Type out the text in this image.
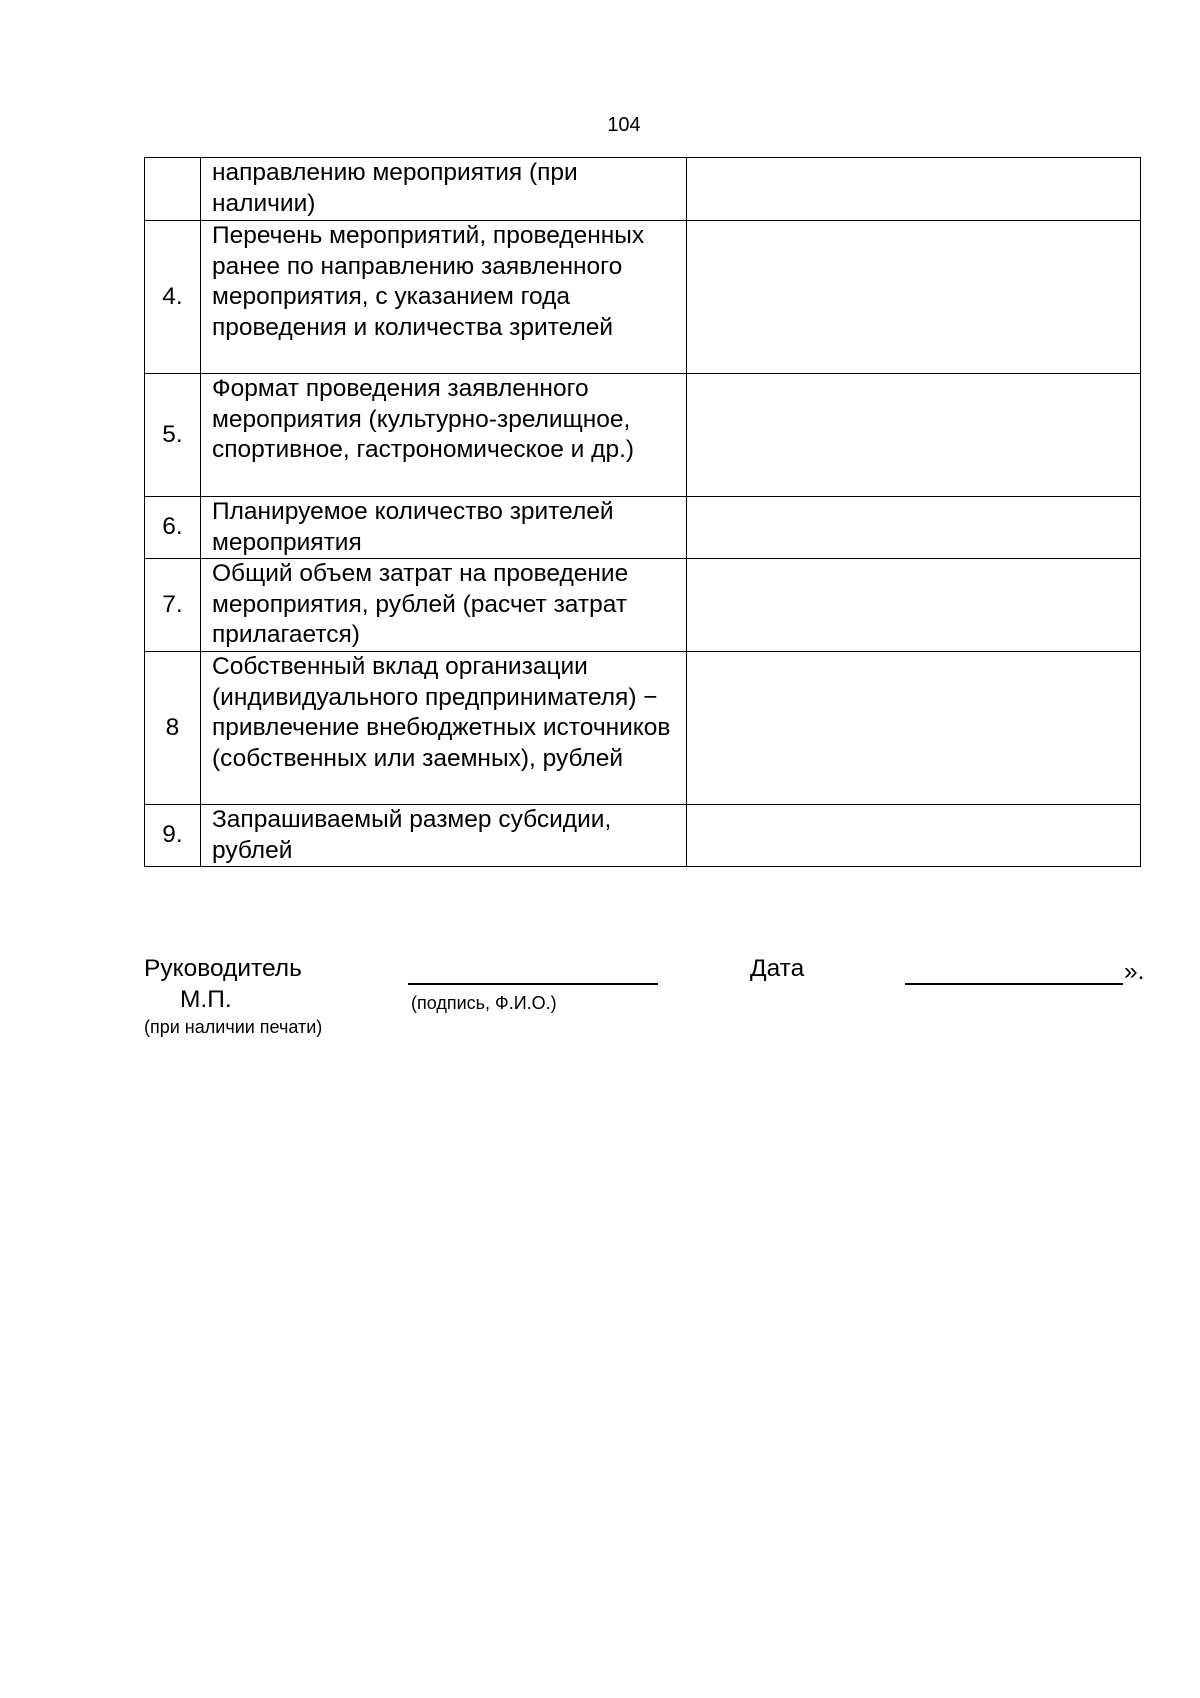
104
	направлению мероприятия (при наличии)	
4.	Перечень мероприятий, проведенных ранее по направлению заявленного мероприятия, с указанием года проведения и количества зрителей	
5.	Формат проведения заявленного мероприятия (культурно-зрелищное, спортивное, гастрономическое и др.)	
6.	Планируемое количество зрителей мероприятия	
7.	Общий объем затрат на проведение мероприятия, рублей (расчет затрат прилагается)	
8	Собственный вклад организации (индивидуального предпринимателя) − привлечение внебюджетных источников (собственных или заемных), рублей	
9.	Запрашиваемый размер субсидии, рублей	
Руководитель	Дата	».
М.П.	(подпись, Ф.И.О.)
(при наличии печати)
